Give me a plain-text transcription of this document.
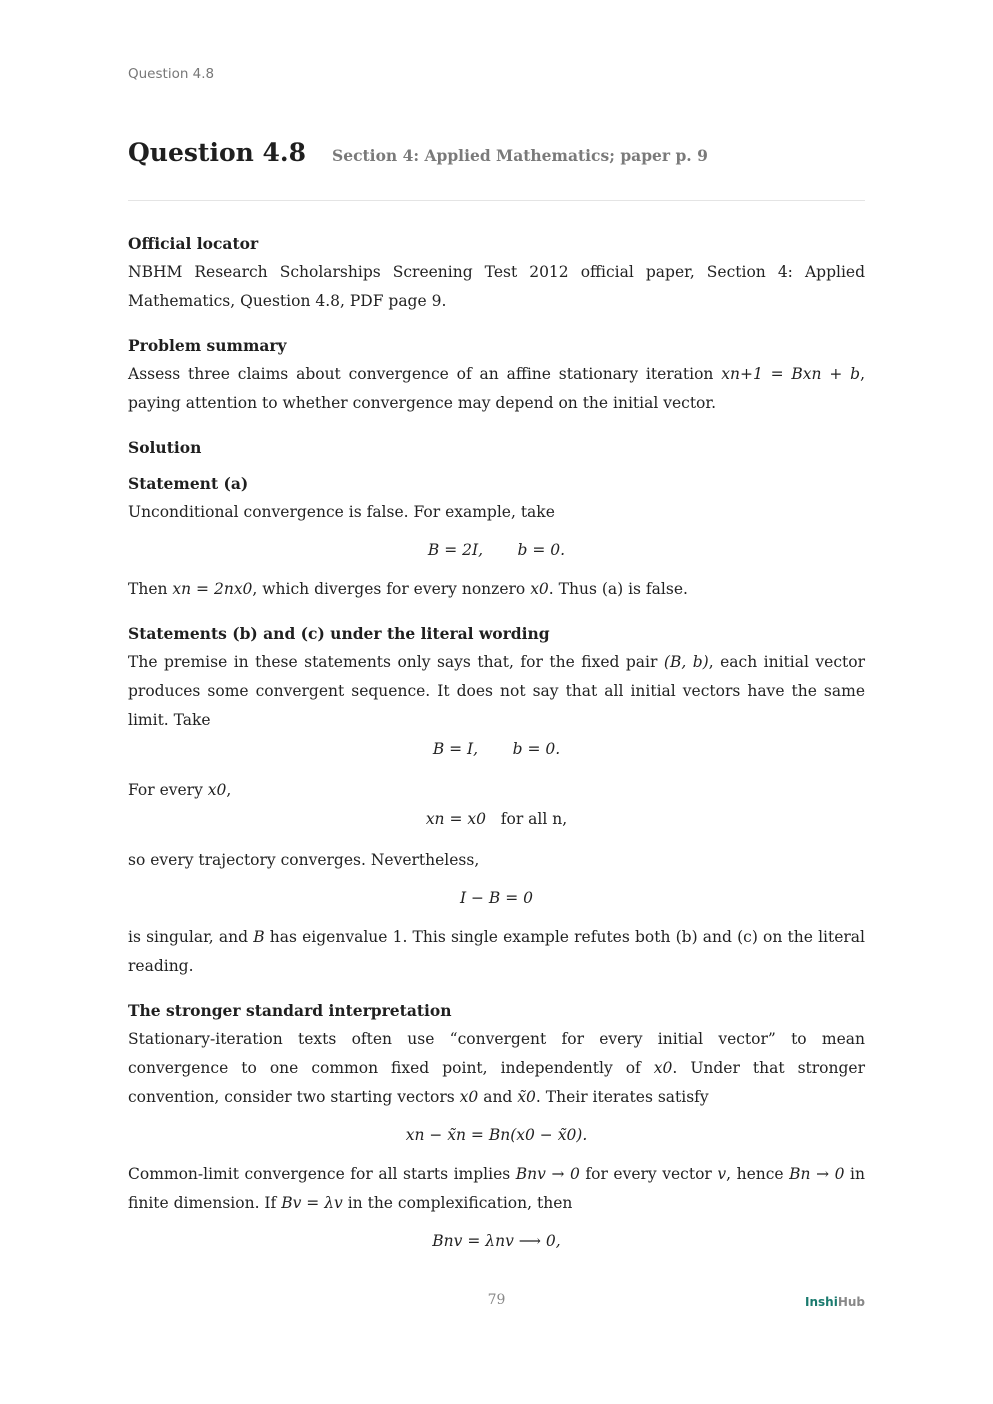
Question 4.8
Question 4.8 Section 4: Applied Mathematics; paper p. 9
Official locator

NBHM Research Scholarships Screening Test 2012 official paper, Section 4: Applied Mathematics, Question 4.8, PDF page 9.

Problem summary

Assess three claims about convergence of an affine stationary iteration xn+1 = Bxn + b, paying attention to whether convergence may depend on the initial vector.

Solution
Statement (a)

Unconditional convergence is false. For example, take

B = 2I, b = 0.

Then xn = 2nx0, which diverges for every nonzero x0. Thus (a) is false.

Statements (b) and (c) under the literal wording

The premise in these statements only says that, for the fixed pair (B, b), each initial vector produces some convergent sequence. It does not say that all initial vectors have the same limit. Take

B = I, b = 0.

For every x0,

xn = x0 for all n,

so every trajectory converges. Nevertheless,

I − B = 0

is singular, and B has eigenvalue 1. This single example refutes both (b) and (c) on the literal reading.

The stronger standard interpretation

Stationary-iteration texts often use “convergent for every initial vector” to mean convergence to one common fixed point, independently of x0. Under that stronger convention, consider two starting vectors x0 and x̃0. Their iterates satisfy

xn − x̃n = Bn(x0 − x̃0).

Common-limit convergence for all starts implies Bnv → 0 for every vector v, hence Bn → 0 in finite dimension. If Bv = λv in the complexification, then

Bnv = λnv ⟶ 0,
79	InshiHub
